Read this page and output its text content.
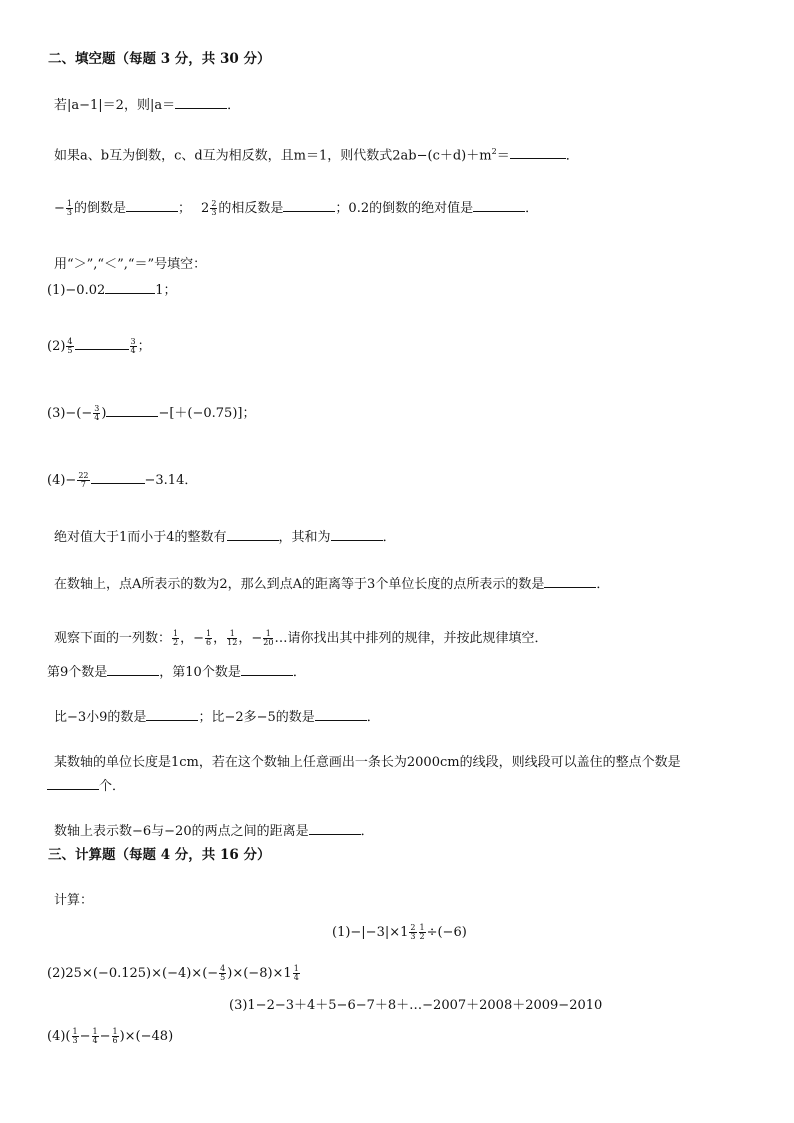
二、填空题（每题 3 分，共 30 分）
若|a−1|＝2，则|a＝	．
如果a、b互为倒数，c、d互为相反数，且m＝1，则代数式$2ab-(c+d)+m^2=$	．
− $\frac{1}{3}$ 的倒数是	； $2 \frac{2}{3}$ 的相反数是	；0.2的倒数的绝对值是	．
用“＞”,“＜”,“＝”号填空：
(1)−0.02	1；
$(2) \frac{4}{5}$	$\frac{3}{4}$ ；
$(3)-(- \frac{3}{4}$ )	−[＋(−0.75)]；
$(4)- \frac{22}{7}$	−3.14．
绝对值大于1而小于4的整数有	，其和为	．
在数轴上，点A所表示的数为2，那么到点A的距离等于3个单位长度的点所表示的数是	．
观察下面的一列数： $\frac{1}{2}$ ，− $\frac{1}{6}$ ， $\frac{1}{12}$ ，− $\frac{1}{20}$ …请你找出其中排列的规律，并按此规律填空．
第9个数是	，第10个数是	．
比−3小9的数是	；比−2多−5的数是	．
某数轴的单位长度是1cm，若在这个数轴上任意画出一条长为2000cm的线段，则线段可以盖住的整点个数是
个．
数轴上表示数−6与−20的两点之间的距离是	．
三、计算题（每题 4 分，共 16 分）
计算：
$(1)-|-3|\times 1 \frac{2}{3} \frac{1}{2} \div(-6)$
$(2)25\times(-0.125)\times(-4)\times(- \frac{4}{5} )\times(-8)\times 1 \frac{1}{4}$
(3)1−2−3＋4＋5−6−7＋8＋…−2007＋2008＋2009−2010
$(4)( \frac{1}{3} - \frac{1}{4} - \frac{1}{6} )\times(-48)$
